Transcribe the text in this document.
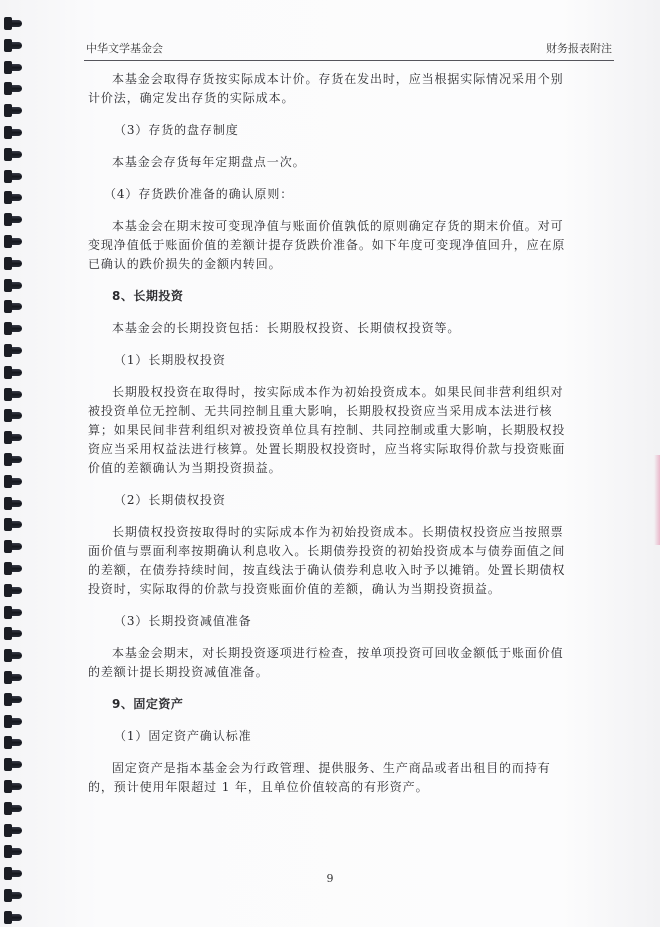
中华文学基金会	财务报表附注

本基金会取得存货按实际成本计价。存货在发出时，应当根据实际情况采用个别计价法，确定发出存货的实际成本。

（3）存货的盘存制度

本基金会存货每年定期盘点一次。

（4）存货跌价准备的确认原则：

本基金会在期末按可变现净值与账面价值孰低的原则确定存货的期末价值。对可变现净值低于账面价值的差额计提存货跌价准备。如下年度可变现净值回升，应在原已确认的跌价损失的金额内转回。

8、长期投资

本基金会的长期投资包括：长期股权投资、长期债权投资等。

（1）长期股权投资

长期股权投资在取得时，按实际成本作为初始投资成本。如果民间非营利组织对被投资单位无控制、无共同控制且重大影响，长期股权投资应当采用成本法进行核算；如果民间非营利组织对被投资单位具有控制、共同控制或重大影响，长期股权投资应当采用权益法进行核算。处置长期股权投资时，应当将实际取得价款与投资账面价值的差额确认为当期投资损益。

（2）长期债权投资

长期债权投资按取得时的实际成本作为初始投资成本。长期债权投资应当按照票面价值与票面利率按期确认利息收入。长期债券投资的初始投资成本与债券面值之间的差额，在债券持续时间，按直线法于确认债券利息收入时予以摊销。处置长期债权投资时，实际取得的价款与投资账面价值的差额，确认为当期投资损益。

（3）长期投资减值准备

本基金会期末，对长期投资逐项进行检查，按单项投资可回收金额低于账面价值的差额计提长期投资减值准备。

9、固定资产

（1）固定资产确认标准

固定资产是指本基金会为行政管理、提供服务、生产商品或者出租目的而持有的，预计使用年限超过 1 年，且单位价值较高的有形资产。

9
